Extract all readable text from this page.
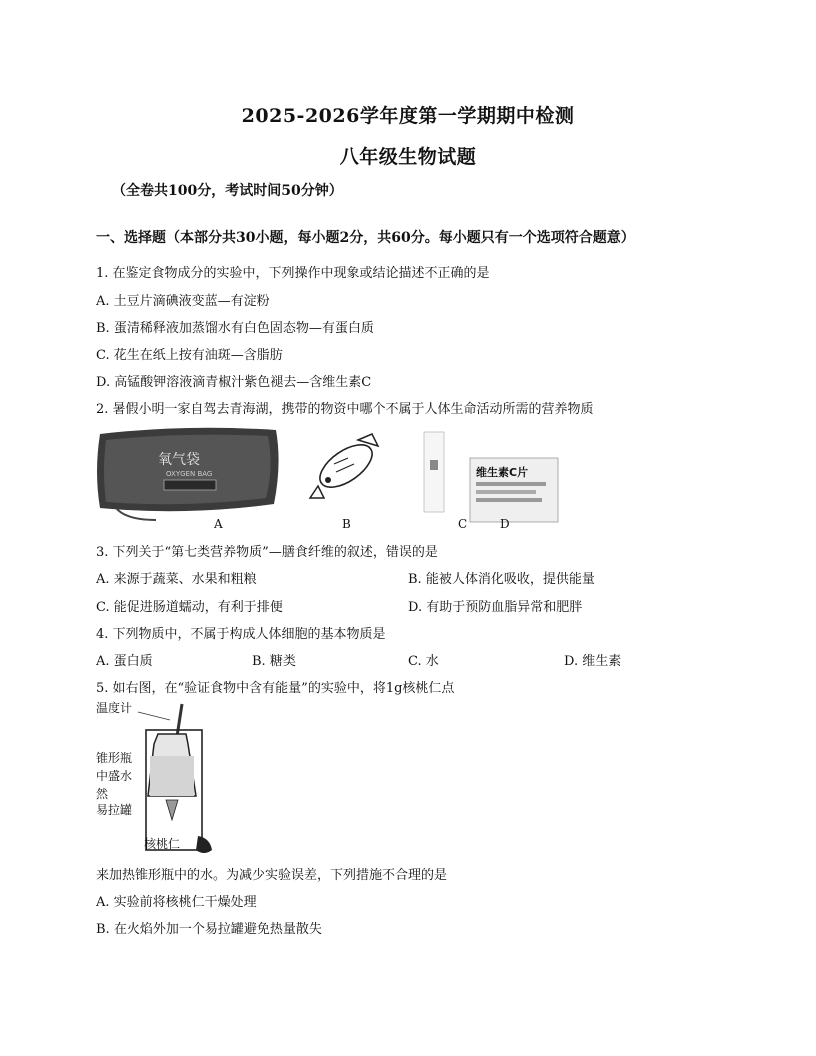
2025-2026学年度第一学期期中检测
八年级生物试题
（全卷共100分，考试时间50分钟）
一、选择题（本部分共30小题，每小题2分，共60分。每小题只有一个选项符合题意）
1. 在鉴定食物成分的实验中，下列操作中现象或结论描述不正确的是
A. 土豆片滴碘液变蓝—有淀粉
B. 蛋清稀释液加蒸馏水有白色固态物—有蛋白质
C. 花生在纸上按有油斑—含脂肪
D. 高锰酸钾溶液滴青椒汁紫色褪去—含维生素C
2. 暑假小明一家自驾去青海湖，携带的物资中哪个不属于人体生命活动所需的营养物质
氧气袋
OXYGEN BAG
A	B
维生素C片
C	D
3. 下列关于“第七类营养物质”—膳食纤维的叙述，错误的是
A. 来源于蔬菜、水果和粗粮	B. 能被人体消化吸收，提供能量
C. 能促进肠道蠕动，有利于排便	D. 有助于预防血脂异常和肥胖
4. 下列物质中，不属于构成人体细胞的基本物质是
A. 蛋白质	B. 糖类	C. 水	D. 维生素
5. 如右图，在“验证食物中含有能量”的实验中，将1g核桃仁点
温度计
锥形瓶
中盛水
然
易拉罐
核桃仁
来加热锥形瓶中的水。为减少实验误差，下列措施不合理的是
A. 实验前将核桃仁干燥处理
B. 在火焰外加一个易拉罐避免热量散失
